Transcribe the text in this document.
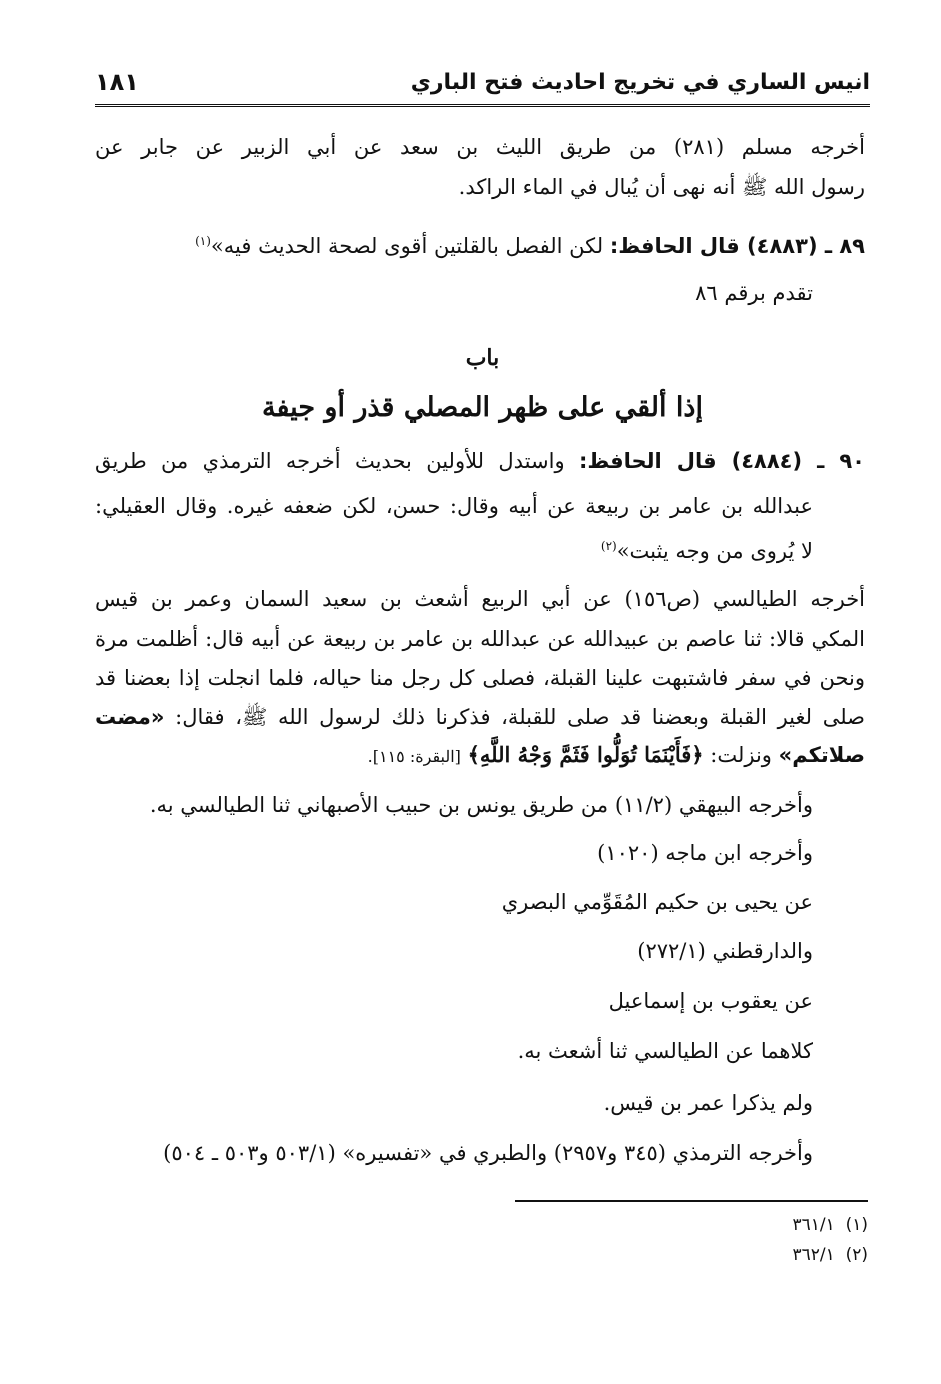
انيس الساري في تخريج احاديث فتح الباري
١٨١
أخرجه مسلم (٢٨١) من طريق الليث بن سعد عن أبي الزبير عن جابر عن
رسول الله ﷺ أنه نهى أن يُبال في الماء الراكد.
٨٩ ـ (٤٨٨٣) قال الحافظ: لكن الفصل بالقلتين أقوى لصحة الحديث فيه»$^{(١)}$
تقدم برقم ٨٦
باب
إذا ألقي على ظهر المصلي قذر أو جيفة
٩٠ ـ (٤٨٨٤) قال الحافظ: واستدل للأولين بحديث أخرجه الترمذي من طريق
عبدالله بن عامر بن ربيعة عن أبيه وقال: حسن، لكن ضعفه غيره. وقال العقيلي:
لا يُروى من وجه يثبت»$^{(٢)}$
أخرجه الطيالسي (ص١٥٦) عن أبي الربيع أشعث بن سعيد السمان وعمر بن قيس
المكي قالا: ثنا عاصم بن عبيدالله عن عبدالله بن عامر بن ربيعة عن أبيه قال: أظلمت مرة
ونحن في سفر فاشتبهت علينا القبلة، فصلى كل رجل منا حياله، فلما انجلت إذا بعضنا قد
صلى لغير القبلة وبعضنا قد صلى للقبلة، فذكرنا ذلك لرسول الله ﷺ، فقال: «مضت
صلاتكم» ونزلت: ﴿فَأَيْنَمَا تُوَلُّوا فَثَمَّ وَجْهُ اللَّهِ﴾ [البقرة: ١١٥].
وأخرجه البيهقي (١١/٢) من طريق يونس بن حبيب الأصبهاني ثنا الطيالسي به.
وأخرجه ابن ماجه (١٠٢٠)
عن يحيى بن حكيم المُقَوِّمي البصري
والدارقطني (٢٧٢/١)
عن يعقوب بن إسماعيل
كلاهما عن الطيالسي ثنا أشعث به.
ولم يذكرا عمر بن قيس.
وأخرجه الترمذي (٣٤٥ و٢٩٥٧) والطبري في «تفسيره» (٥٠٣/١ و٥٠٣ ـ ٥٠٤)
(١)  ٣٦١/١
(٢)  ٣٦٢/١
